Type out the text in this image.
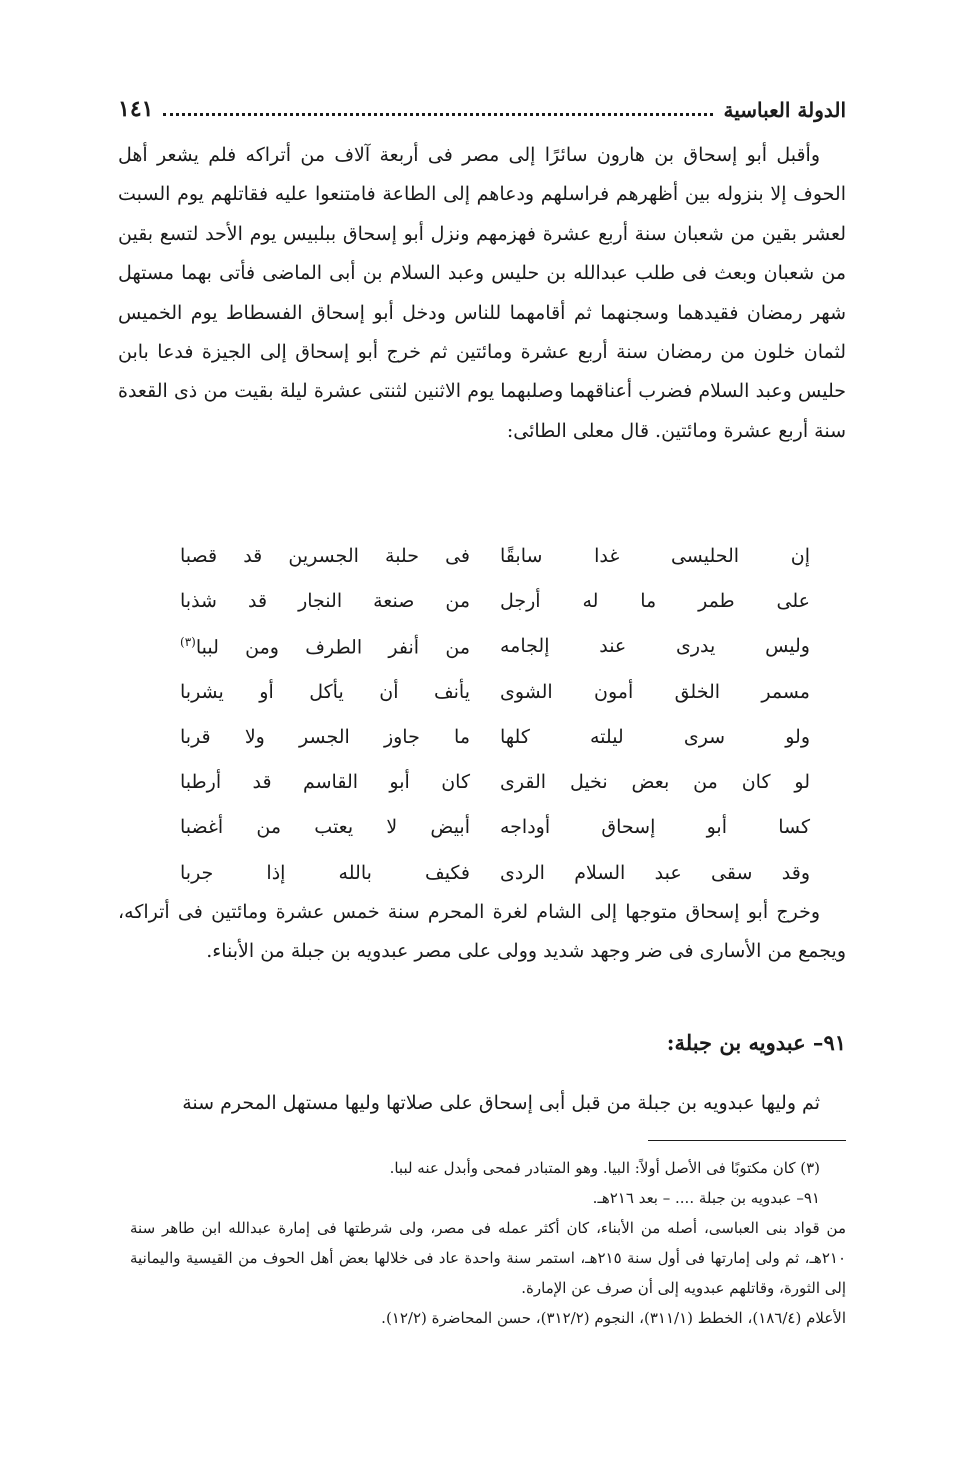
الدولة العباسية
١٤١

وأقبل أبو إسحاق بن هارون سائرًا إلى مصر فى أربعة آلاف من أتراكه فلم يشعر أهل الحوف إلا بنزوله بين أظهرهم فراسلهم ودعاهم إلى الطاعة فامتنعوا عليه فقاتلهم يوم السبت لعشر بقين من شعبان سنة أربع عشرة فهزمهم ونزل أبو إسحاق ببلبيس يوم الأحد لتسع بقين من شعبان وبعث فى طلب عبدالله بن حليس وعبد السلام بن أبى الماضى فأتى بهما مستهل شهر رمضان فقيدهما وسجنهما ثم أقامهما للناس ودخل أبو إسحاق الفسطاط يوم الخميس لثمان خلون من رمضان سنة أربع عشرة ومائتين ثم خرج أبو إسحاق إلى الجيزة فدعا بابن حليس وعبد السلام فضرب أعناقهما وصلبهما يوم الاثنين لثنتى عشرة ليلة بقيت من ذى القعدة سنة أربع عشرة ومائتين. قال معلى الطائى:

إن الحليسى غدا سابقًا
فى حلبة الجسرين قد قصبا
على طمر ما له أرجل
من صنعة النجار قد شذبا
وليس يدرى عند إلجامه
من أنفر الطرف ومن لببا$^{(٣)}$
مسمر الخلق أمون الشوى
يأنف أن يأكل أو يشربا
ولو سرى ليلته كلها
ما جاوز الجسر ولا قربا
لو كان من بعض نخيل القرى
كان أبو القاسم قد أرطبا
كسا أبو إسحاق أوداجه
أبيض لا يعتب من أغضبا
وقد سقى عبد السلام الردى
فكيف بالله إذا جربا

وخرج أبو إسحاق متوجها إلى الشام لغرة المحرم سنة خمس عشرة ومائتين فى أتراكه، ويجمع من الأسارى فى ضر وجهد شديد وولى على مصر عبدويه بن جبلة من الأبناء.

٩١– عبدويه بن جبلة:

ثم وليها عبدويه بن جبلة من قبل أبى إسحاق على صلاتها وليها مستهل المحرم سنة

(٣) كان مكتوبًا فى الأصل أولاً: البيا. وهو المتبادر فمحى وأبدل عنه لببا.

٩١– عبدويه بن جبلة .... – بعد ٢١٦هـ.

من قواد بنى العباسى، أصله من الأبناء، كان أكثر عمله فى مصر، ولى شرطتها فى إمارة عبدالله ابن طاهر سنة ٢١٠هـ، ثم ولى إمارتها فى أول سنة ٢١٥هـ، استمر سنة واحدة عاد فى خلالها بعض أهل الحوف من القيسية واليمانية إلى الثورة، وقاتلهم عبدويه إلى أن صرف عن الإمارة.

الأعلام (١٨٦/٤)، الخطط (٣١١/١)، النجوم (٣١٢/٢)، حسن المحاضرة (١٢/٢).
